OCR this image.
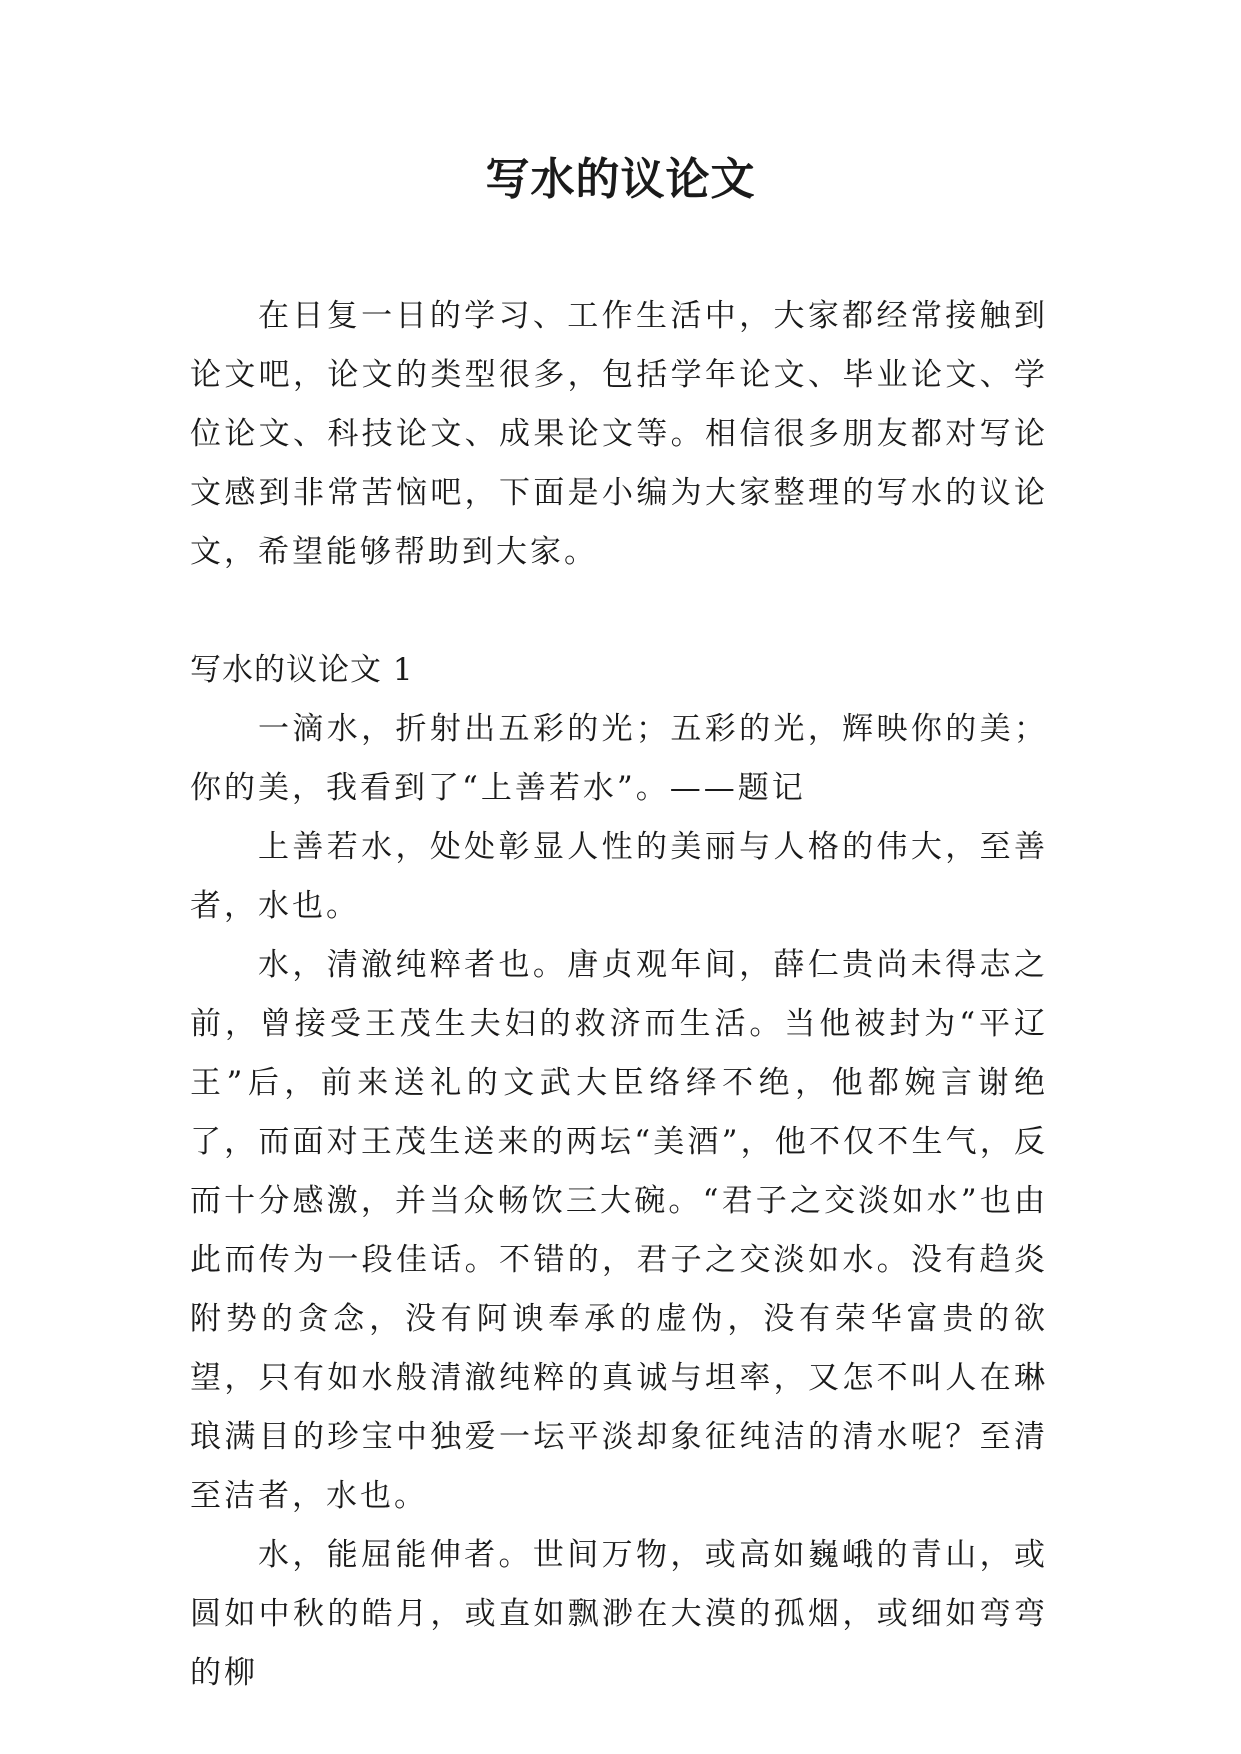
写水的议论文

在日复一日的学习、工作生活中，大家都经常接触到论文吧，论文的类型很多，包括学年论文、毕业论文、学位论文、科技论文、成果论文等。相信很多朋友都对写论文感到非常苦恼吧，下面是小编为大家整理的写水的议论文，希望能够帮助到大家。

写水的议论文 1

一滴水，折射出五彩的光；五彩的光，辉映你的美；你的美，我看到了“上善若水”。——题记

上善若水，处处彰显人性的美丽与人格的伟大，至善者，水也。

水，清澈纯粹者也。唐贞观年间，薛仁贵尚未得志之前，曾接受王茂生夫妇的救济而生活。当他被封为“平辽王”后，前来送礼的文武大臣络绎不绝，他都婉言谢绝了，而面对王茂生送来的两坛“美酒”，他不仅不生气，反而十分感激，并当众畅饮三大碗。“君子之交淡如水”也由此而传为一段佳话。不错的，君子之交淡如水。没有趋炎附势的贪念，没有阿谀奉承的虚伪，没有荣华富贵的欲望，只有如水般清澈纯粹的真诚与坦率，又怎不叫人在琳琅满目的珍宝中独爱一坛平淡却象征纯洁的清水呢？至清至洁者，水也。

水，能屈能伸者。世间万物，或高如巍峨的青山，或圆如中秋的皓月，或直如飘渺在大漠的孤烟，或细如弯弯的柳
